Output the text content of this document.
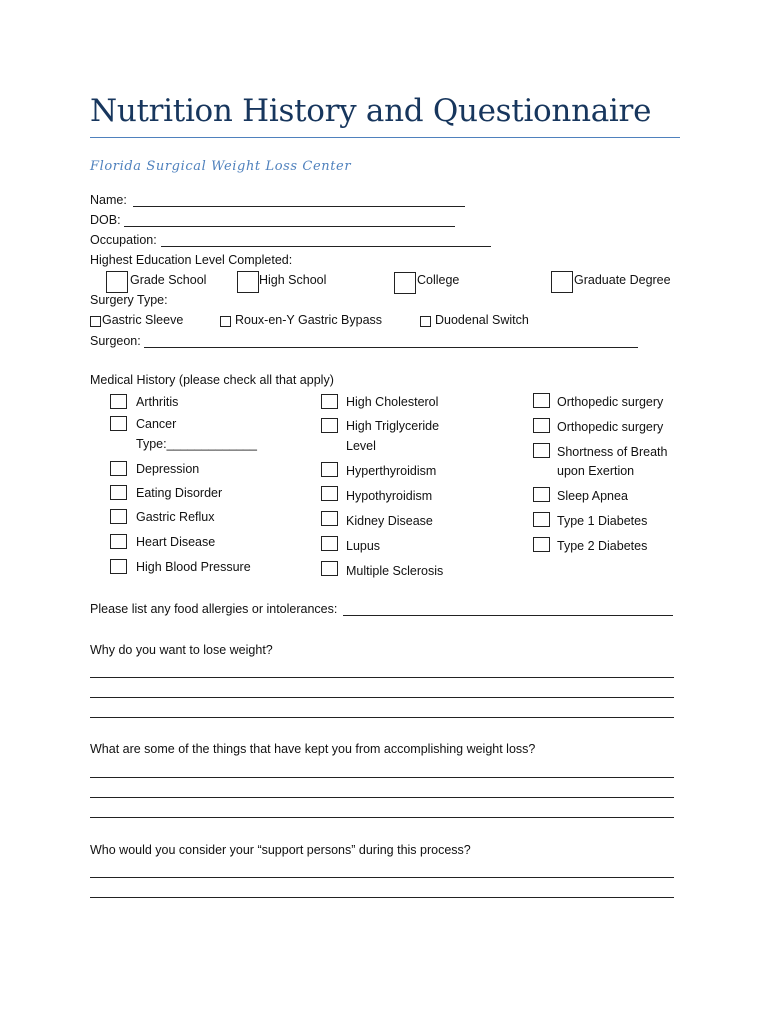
Nutrition History and Questionnaire
Florida Surgical Weight Loss Center
Name:
DOB:
Occupation:
Highest Education Level Completed:
Grade School	High School	College	Graduate Degree
Surgery Type:
Gastric Sleeve	Roux-en-Y Gastric Bypass	Duodenal Switch
Surgeon:
Medical History (please check all that apply)
Arthritis
Cancer
Type:_____________
Depression
Eating Disorder
Gastric Reflux
Heart Disease
High Blood Pressure
High Cholesterol
High Triglyceride
Level
Hyperthyroidism
Hypothyroidism
Kidney Disease
Lupus
Multiple Sclerosis
Orthopedic surgery
Orthopedic surgery
Shortness of Breath
upon Exertion
Sleep Apnea
Type 1 Diabetes
Type 2 Diabetes
Please list any food allergies or intolerances:
Why do you want to lose weight?
What are some of the things that have kept you from accomplishing weight loss?
Who would you consider your “support persons” during this process?
